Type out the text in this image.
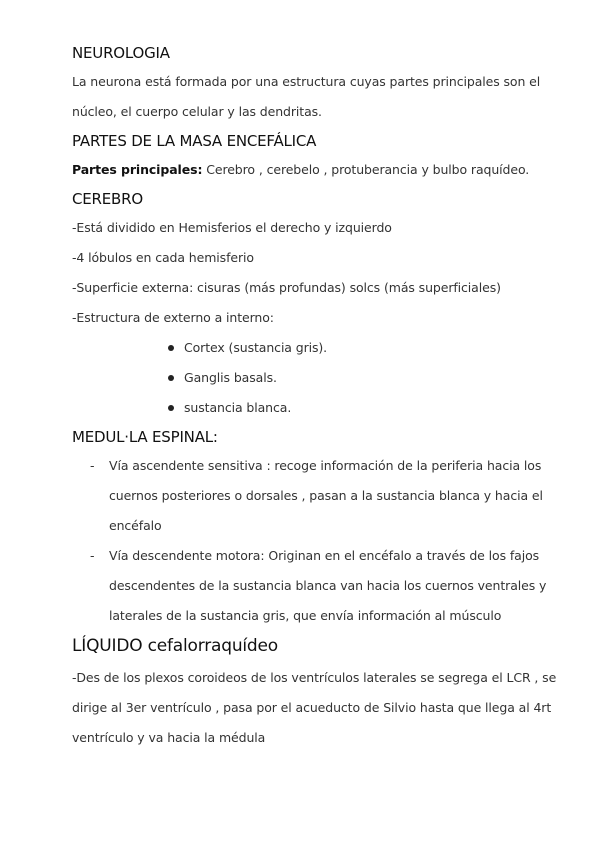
NEUROLOGIA
La neurona está formada por una estructura cuyas partes principales son el
núcleo, el cuerpo celular y las dendritas.
PARTES DE LA MASA ENCEFÁLICA
Partes principales: Cerebro , cerebelo , protuberancia y bulbo raquídeo.
CEREBRO
-Está dividido en Hemisferios el derecho y izquierdo
-4 lóbulos en cada hemisferio
-Superficie externa: cisuras (más profundas) solcs (más superficiales)
-Estructura de externo a interno:
Cortex (sustancia gris).
Ganglis basals.
sustancia blanca.
MEDUL·LA ESPINAL:
- Vía ascendente sensitiva : recoge información de la periferia hacia los
cuernos posteriores o dorsales , pasan a la sustancia blanca y hacia el
encéfalo
- Vía descendente motora: Originan en el encéfalo a través de los fajos
descendentes de la sustancia blanca van hacia los cuernos ventrales y
laterales de la sustancia gris, que envía información al músculo
LÍQUIDO cefalorraquídeo
-Des de los plexos coroideos de los ventrículos laterales se segrega el LCR , se
dirige al 3er ventrículo , pasa por el acueducto de Silvio hasta que llega al 4rt
ventrículo y va hacia la médula
